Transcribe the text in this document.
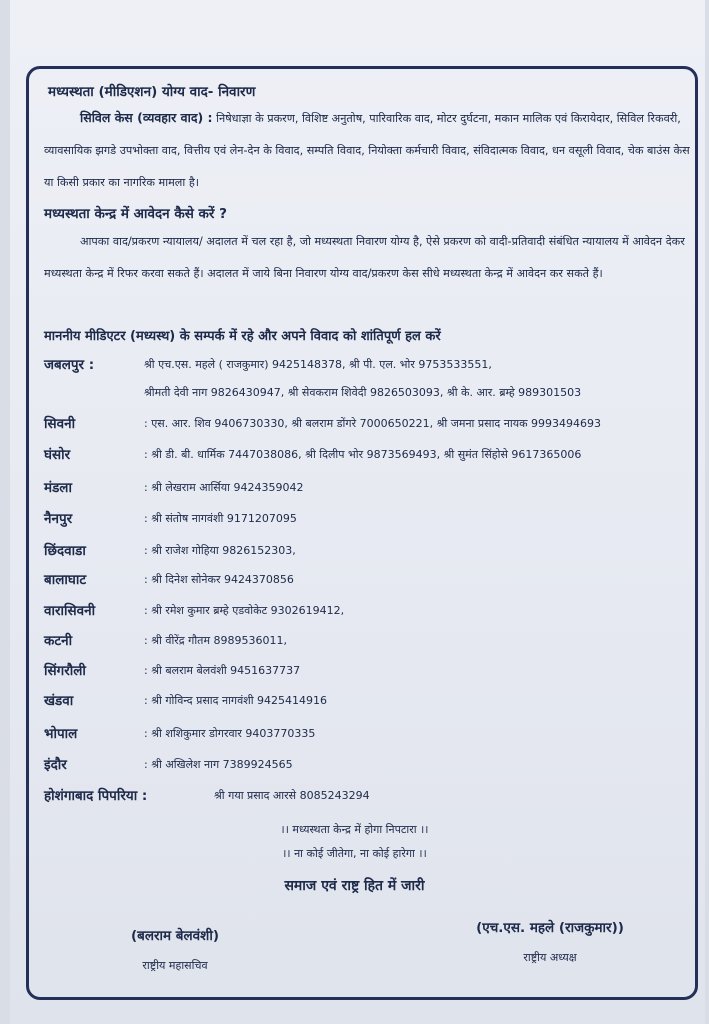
मध्यस्थता (मीडिएशन) योग्य वाद- निवारण
सिविल केस (व्यवहार वाद) : निषेधाज्ञा के प्रकरण, विशिष्ट अनुतोष, पारिवारिक वाद, मोटर दुर्घटना, मकान मालिक एवं किरायेदार, सिविल रिकवरी, व्यावसायिक झगडे उपभोक्ता वाद, वित्तीय एवं लेन-देन के विवाद, सम्पति विवाद, नियोक्ता कर्मचारी विवाद, संविदात्मक विवाद, धन वसूली विवाद, चेक बाउंस केस या किसी प्रकार का नागरिक मामला है।
मध्यस्थता केन्द्र में आवेदन कैसे करें ?
आपका वाद/प्रकरण न्यायालय/ अदालत में चल रहा है, जो मध्यस्थता निवारण योग्य है, ऐसे प्रकरण को वादी-प्रतिवादी संबंधित न्यायालय में आवेदन देकर मध्यस्थता केन्द्र में रिफर करवा सकते हैं। अदालत में जाये बिना निवारण योग्य वाद/प्रकरण केस सीधे मध्यस्थता केन्द्र में आवेदन कर सकते हैं।
माननीय मीडिएटर (मध्यस्थ) के सम्पर्क में रहे और अपने विवाद को शांतिपूर्ण हल करें
जबलपुर :	श्री एच.एस. महले ( राजकुमार) 9425148378, श्री पी. एल. भोर 9753533551,
श्रीमती देवी नाग 9826430947, श्री सेवकराम शिवेदी 9826503093, श्री के. आर. ब्रम्हे 989301503
सिवनी	: एस. आर. शिव 9406730330, श्री बलराम डोंगरे 7000650221, श्री जमना प्रसाद नायक 9993494693
घंसोर	: श्री डी. बी. धार्मिक 7447038086, श्री दिलीप भोर 9873569493, श्री सुमंत सिंहोसे 9617365006
मंडला	: श्री लेखराम आर्सिया 9424359042
नैनपुर	: श्री संतोष नागवंशी 9171207095
छिंदवाडा	: श्री राजेश गोहिया 9826152303,
बालाघाट	: श्री दिनेश सोनेकर 9424370856
वारासिवनी	: श्री रमेश कुमार ब्रम्हे एडवोकेट 9302619412,
कटनी	: श्री वीरेंद्र गौतम 8989536011,
सिंगरौली	: श्री बलराम बेलवंशी 9451637737
खंडवा	: श्री गोविन्द प्रसाद नागवंशी 9425414916
भोपाल	: श्री शशिकुमार डोगरवार 9403770335
इंदौर	: श्री अखिलेश नाग 7389924565
होशंगाबाद पिपरिया :	श्री गया प्रसाद आरसे 8085243294
।। मध्यस्थता केन्द्र में होगा निपटारा ।।
।। ना कोई जीतेगा, ना कोई हारेगा ।।
समाज एवं राष्ट्र हित में जारी
(बलराम बेलवंशी)
राष्ट्रीय महासचिव
(एच.एस. महले (राजकुमार))
राष्ट्रीय अध्यक्ष
